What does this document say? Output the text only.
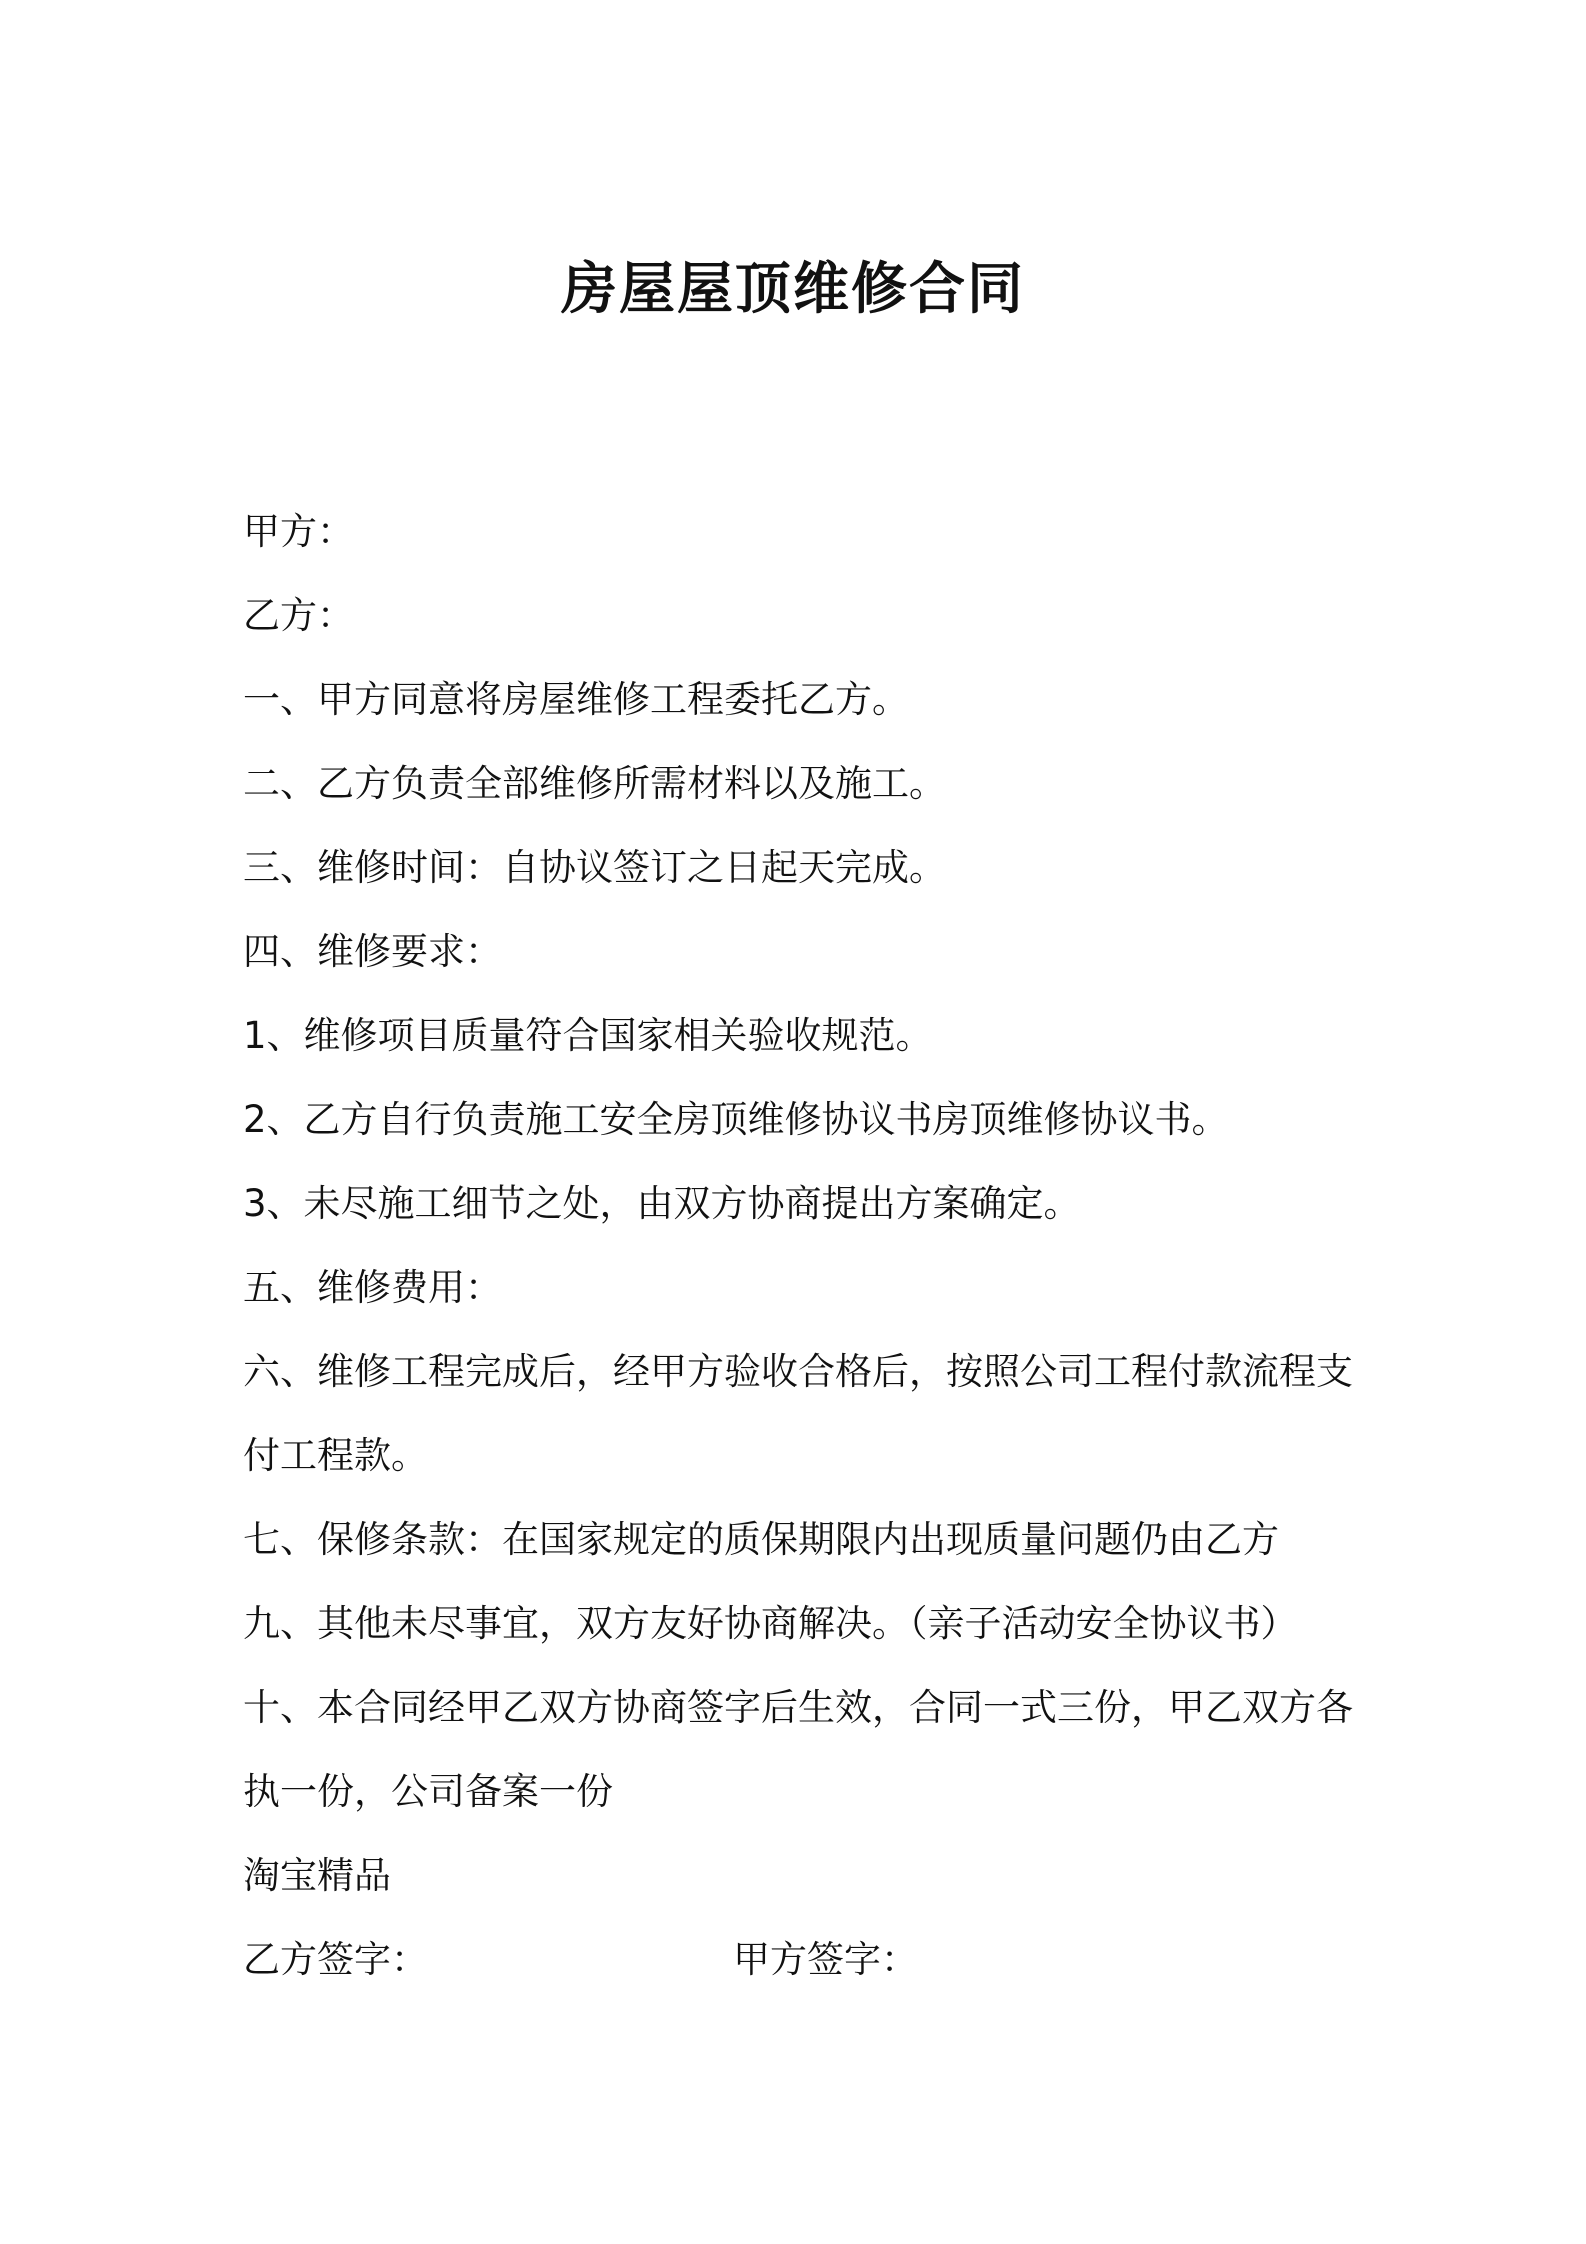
房屋屋顶维修合同
甲方：
乙方：
一、甲方同意将房屋维修工程委托乙方。
二、乙方负责全部维修所需材料以及施工。
三、维修时间：自协议签订之日起天完成。
四、维修要求：
1、维修项目质量符合国家相关验收规范。
2、乙方自行负责施工安全房顶维修协议书房顶维修协议书。
3、未尽施工细节之处，由双方协商提出方案确定。
五、维修费用：
六、维修工程完成后，经甲方验收合格后，按照公司工程付款流程支付工程款。
七、保修条款：在国家规定的质保期限内出现质量问题仍由乙方
九、其他未尽事宜，双方友好协商解决。（亲子活动安全协议书）
十、本合同经甲乙双方协商签字后生效，合同一式三份，甲乙双方各执一份，公司备案一份
淘宝精品
乙方签字：	甲方签字：
